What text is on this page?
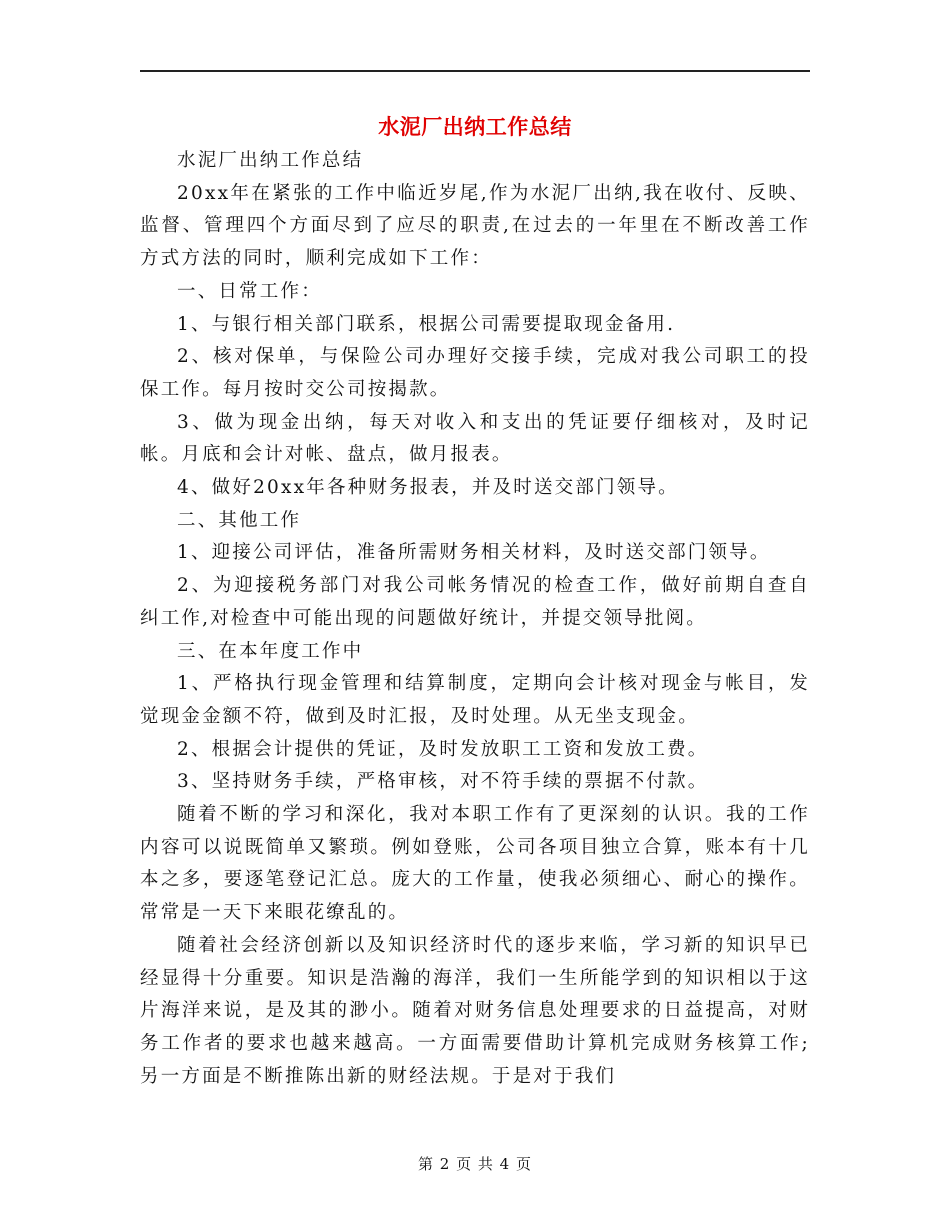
水泥厂出纳工作总结

水泥厂出纳工作总结

20xx年在紧张的工作中临近岁尾,作为水泥厂出纳,我在收付、反映、监督、管理四个方面尽到了应尽的职责,在过去的一年里在不断改善工作方式方法的同时，顺利完成如下工作：

一、日常工作：

1、与银行相关部门联系，根据公司需要提取现金备用.

2、核对保单，与保险公司办理好交接手续，完成对我公司职工的投保工作。每月按时交公司按揭款。

3、做为现金出纳，每天对收入和支出的凭证要仔细核对，及时记帐。月底和会计对帐、盘点，做月报表。

4、做好20xx年各种财务报表，并及时送交部门领导。

二、其他工作

1、迎接公司评估，准备所需财务相关材料，及时送交部门领导。

2、为迎接税务部门对我公司帐务情况的检查工作，做好前期自查自纠工作,对检查中可能出现的问题做好统计，并提交领导批阅。

三、在本年度工作中

1、严格执行现金管理和结算制度，定期向会计核对现金与帐目，发觉现金金额不符，做到及时汇报，及时处理。从无坐支现金。

2、根据会计提供的凭证，及时发放职工工资和发放工费。

3、坚持财务手续，严格审核，对不符手续的票据不付款。

随着不断的学习和深化，我对本职工作有了更深刻的认识。我的工作内容可以说既简单又繁琐。例如登账，公司各项目独立合算，账本有十几本之多，要逐笔登记汇总。庞大的工作量，使我必须细心、耐心的操作。常常是一天下来眼花缭乱的。

随着社会经济创新以及知识经济时代的逐步来临，学习新的知识早已经显得十分重要。知识是浩瀚的海洋，我们一生所能学到的知识相以于这片海洋来说，是及其的渺小。随着对财务信息处理要求的日益提高，对财务工作者的要求也越来越高。一方面需要借助计算机完成财务核算工作;另一方面是不断推陈出新的财经法规。于是对于我们

第 2 页 共 4 页
